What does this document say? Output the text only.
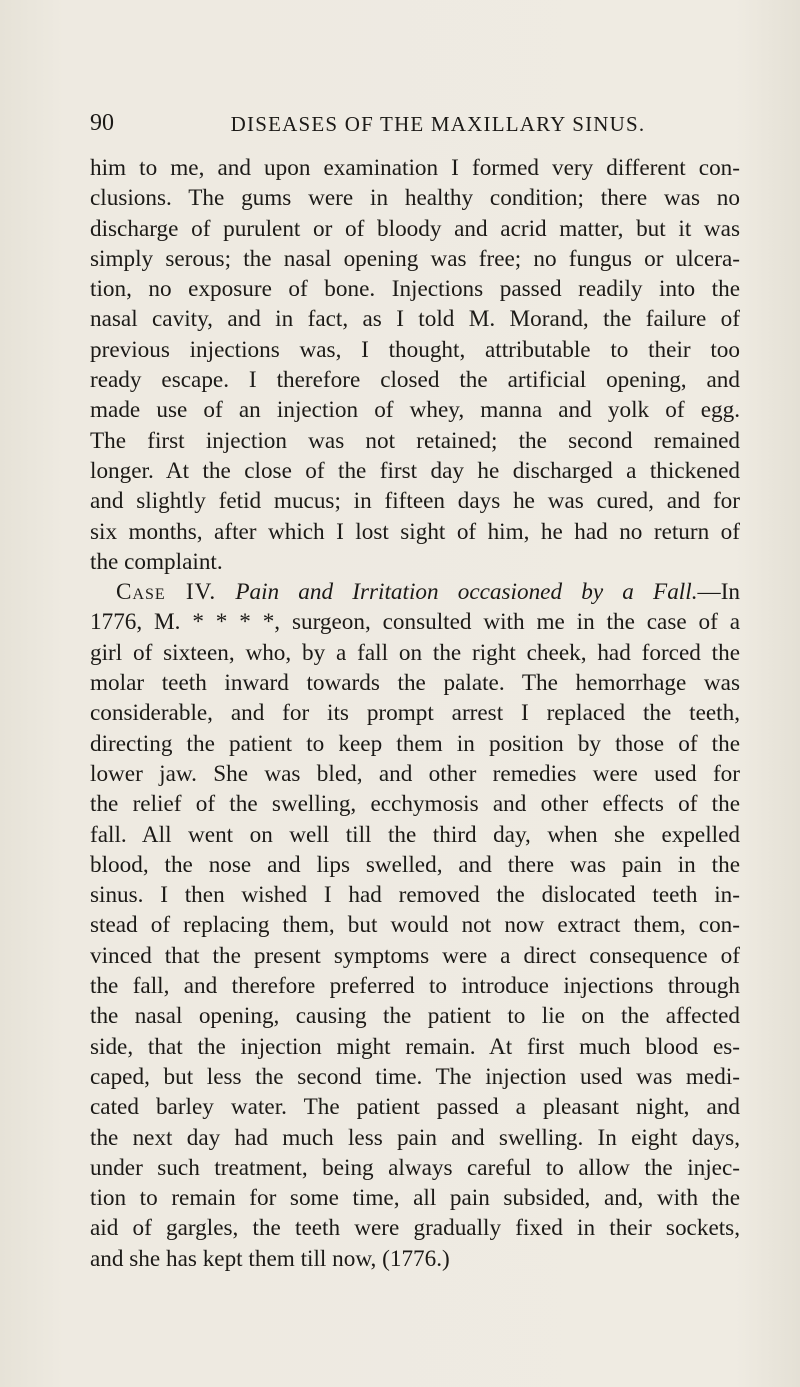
90	DISEASES OF THE MAXILLARY SINUS.
him to me, and upon examination I formed very different con-
clusions. The gums were in healthy condition; there was no
discharge of purulent or of bloody and acrid matter, but it was
simply serous; the nasal opening was free; no fungus or ulcera-
tion, no exposure of bone. Injections passed readily into the
nasal cavity, and in fact, as I told M. Morand, the failure of
previous injections was, I thought, attributable to their too
ready escape. I therefore closed the artificial opening, and
made use of an injection of whey, manna and yolk of egg.
The first injection was not retained; the second remained
longer. At the close of the first day he discharged a thickened
and slightly fetid mucus; in fifteen days he was cured, and for
six months, after which I lost sight of him, he had no return of
the complaint.
Case IV. Pain and Irritation occasioned by a Fall.—In
1776, M. * * * *, surgeon, consulted with me in the case of a
girl of sixteen, who, by a fall on the right cheek, had forced the
molar teeth inward towards the palate. The hemorrhage was
considerable, and for its prompt arrest I replaced the teeth,
directing the patient to keep them in position by those of the
lower jaw. She was bled, and other remedies were used for
the relief of the swelling, ecchymosis and other effects of the
fall. All went on well till the third day, when she expelled
blood, the nose and lips swelled, and there was pain in the
sinus. I then wished I had removed the dislocated teeth in-
stead of replacing them, but would not now extract them, con-
vinced that the present symptoms were a direct consequence of
the fall, and therefore preferred to introduce injections through
the nasal opening, causing the patient to lie on the affected
side, that the injection might remain. At first much blood es-
caped, but less the second time. The injection used was medi-
cated barley water. The patient passed a pleasant night, and
the next day had much less pain and swelling. In eight days,
under such treatment, being always careful to allow the injec-
tion to remain for some time, all pain subsided, and, with the
aid of gargles, the teeth were gradually fixed in their sockets,
and she has kept them till now, (1776.)
